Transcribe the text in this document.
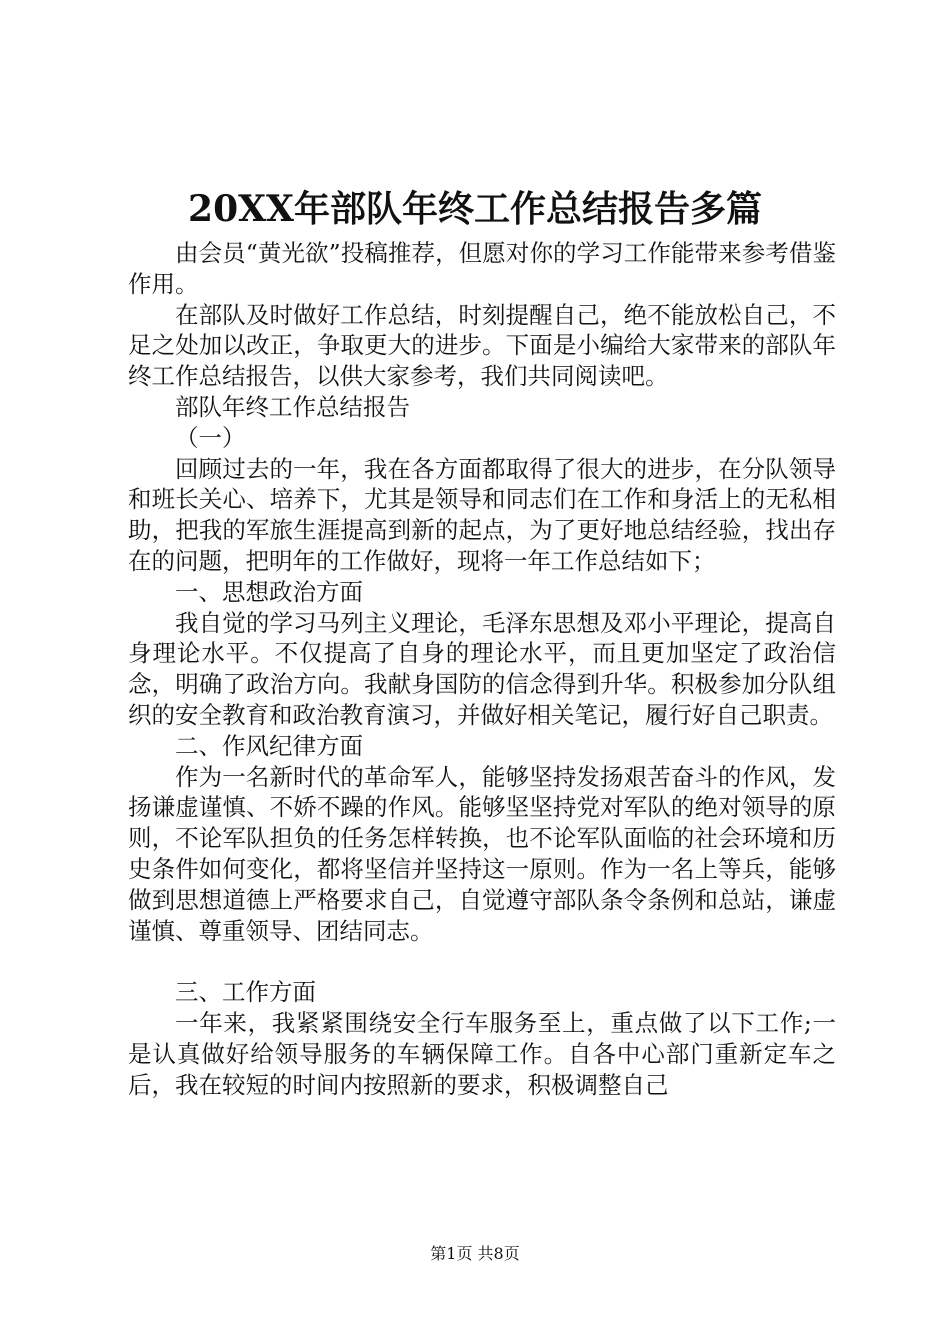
20XX年部队年终工作总结报告多篇

由会员“黄光欲”投稿推荐，但愿对你的学习工作能带来参考借鉴作用。

在部队及时做好工作总结，时刻提醒自己，绝不能放松自己，不足之处加以改正，争取更大的进步。下面是小编给大家带来的部队年终工作总结报告，以供大家参考，我们共同阅读吧。

部队年终工作总结报告

（一）

回顾过去的一年，我在各方面都取得了很大的进步，在分队领导和班长关心、培养下，尤其是领导和同志们在工作和身活上的无私相助，把我的军旅生涯提高到新的起点，为了更好地总结经验，找出存在的问题，把明年的工作做好，现将一年工作总结如下；

一、思想政治方面

我自觉的学习马列主义理论，毛泽东思想及邓小平理论，提高自身理论水平。不仅提高了自身的理论水平，而且更加坚定了政治信念，明确了政治方向。我献身国防的信念得到升华。积极参加分队组织的安全教育和政治教育演习，并做好相关笔记，履行好自己职责。

二、作风纪律方面

作为一名新时代的革命军人，能够坚持发扬艰苦奋斗的作风，发扬谦虚谨慎、不娇不躁的作风。能够坚坚持党对军队的绝对领导的原则，不论军队担负的任务怎样转换，也不论军队面临的社会环境和历史条件如何变化，都将坚信并坚持这一原则。作为一名上等兵，能够做到思想道德上严格要求自己，自觉遵守部队条令条例和总站，谦虚谨慎、尊重领导、团结同志。

三、工作方面

一年来，我紧紧围绕安全行车服务至上，重点做了以下工作;一是认真做好给领导服务的车辆保障工作。自各中心部门重新定车之后，我在较短的时间内按照新的要求，积极调整自己

第1页 共8页
